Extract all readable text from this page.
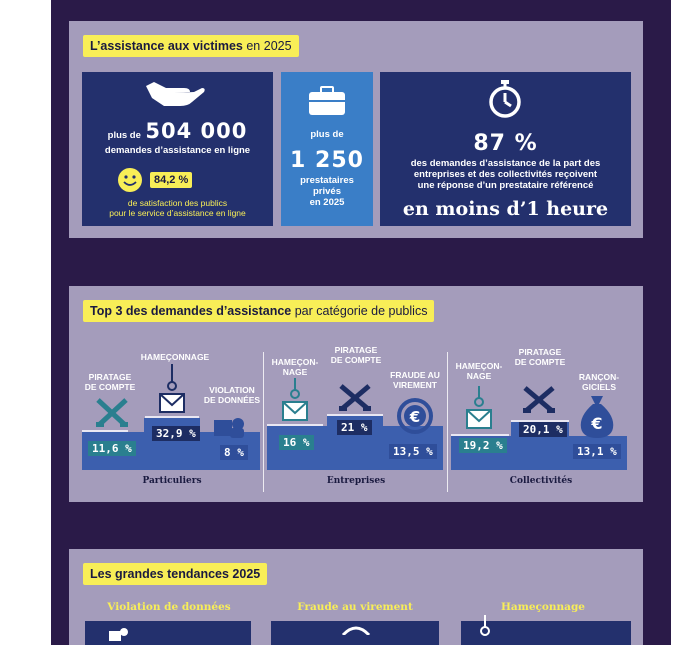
L’assistance aux victimes en 2025
plus de 504 000
demandes d’assistance en ligne
84,2 %
de satisfaction des publics
pour le service d’assistance en ligne
plus de
1 250
prestataires
privés
en 2025
87 %
des demandes d’assistance de la part des
entreprises et des collectivités reçoivent
une réponse d’un prestataire référencé
en moins d’1 heure
Top 3 des demandes d’assistance par catégorie de publics
PIRATAGE
DE COMPTE
11,6 %
HAMEÇONNAGE
32,9 %
VIOLATION
DE DONNÉES
8 %
Particuliers
HAMEÇON-
NAGE
16 %
PIRATAGE
DE COMPTE
21 %
FRAUDE AU
VIREMENT
€
13,5 %
Entreprises
HAMEÇON-
NAGE
19,2 %
PIRATAGE
DE COMPTE
20,1 %
RANÇON-
GICIELS
€
13,1 %
Collectivités
Les grandes tendances 2025
Violation de données	Fraude au virement	Hameçonnage
